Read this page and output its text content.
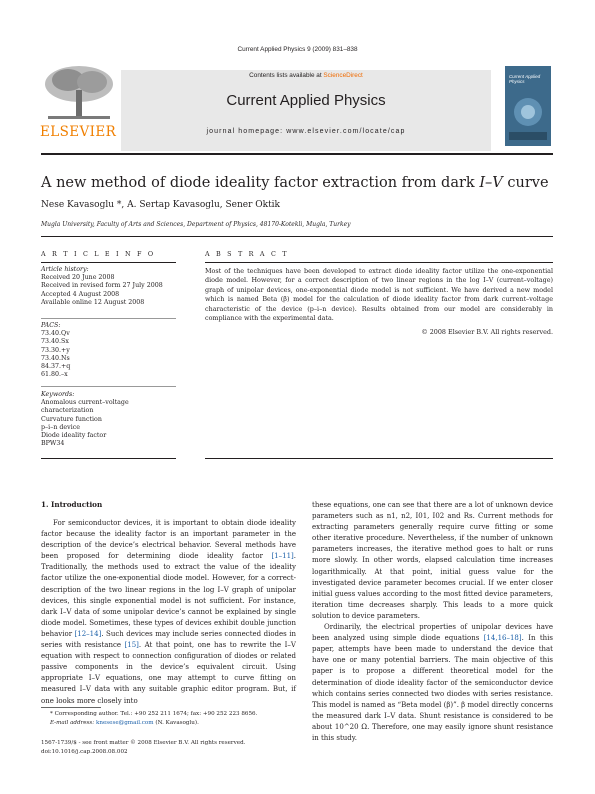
Current Applied Physics 9 (2009) 831–838
ELSEVIER
Contents lists available at ScienceDirect
Current Applied Physics
journal homepage: www.elsevier.com/locate/cap
Current Applied Physics
A new method of diode ideality factor extraction from dark I–V curve
Nese Kavasoglu *, A. Sertap Kavasoglu, Sener Oktik
Mugla University, Faculty of Arts and Sciences, Department of Physics, 48170-Kotekli, Mugla, Turkey
A R T I C L E I N F O
Article history:
Received 20 June 2008
Received in revised form 27 July 2008
Accepted 4 August 2008
Available online 12 August 2008
PACS:
73.40.Qv
73.40.Sx
73.30.+y
73.40.Ns
84.37.+q
61.80.–x
Keywords:
Anomalous current–voltage
characterization
Curvature function
p–i–n device
Diode ideality factor
BPW34
A B S T R A C T
Most of the techniques have been developed to extract diode ideality factor utilize the one-exponential diode model. However, for a correct description of two linear regions in the log I–V (current–voltage) graph of unipolar devices, one-exponential diode model is not sufficient. We have derived a new model which is named Beta (β) model for the calculation of diode ideality factor from dark current–voltage characteristic of the device (p–i–n device). Results obtained from our model are considerably in compliance with the experimental data.
© 2008 Elsevier B.V. All rights reserved.
1. Introduction

For semiconductor devices, it is important to obtain diode ideality factor because the ideality factor is an important parameter in the description of the device’s electrical behavior. Several methods have been proposed for determining diode ideality factor [1–11]. Traditionally, the methods used to extract the value of the ideality factor utilize the one-exponential diode model. However, for a correct-description of the two linear regions in the log I–V graph of unipolar devices, this single exponential model is not sufficient. For instance, dark I–V data of some unipolar device’s cannot be explained by single diode model. Sometimes, these types of devices exhibit double junction behavior [12–14]. Such devices may include series connected diodes in series with resistance [15]. At that point, one has to rewrite the I–V equation with respect to connection configuration of diodes or related passive components in the device’s equivalent circuit. Using appropriate I–V equations, one may attempt to curve fitting on measured I–V data with any suitable graphic editor program. But, if one looks more closely into

these equations, one can see that there are a lot of unknown device parameters such as n1, n2, I01, I02 and Rs. Current methods for extracting parameters generally require curve fitting or some other iterative procedure. Nevertheless, if the number of unknown parameters increases, the iterative method goes to halt or runs more slowly. In other words, elapsed calculation time increases logarithmically. At that point, initial guess value for the investigated device parameter becomes crucial. If we enter closer initial guess values according to the most fitted device parameters, iteration time decreases sharply. This leads to a more quick solution to device parameters.

Ordinarily, the electrical properties of unipolar devices have been analyzed using simple diode equations [14,16–18]. In this paper, attempts have been made to understand the device that have one or many potential barriers. The main objective of this paper is to propose a different theoretical model for the determination of diode ideality factor of the semiconductor device which contains series connected two diodes with series resistance. This model is named as “Beta model (β)”. β model directly concerns the measured dark I–V data. Shunt resistance is considered to be about 10^20 Ω. Therefore, one may easily ignore shunt resistance in this study.

* Corresponding author. Tel.: +90 252 211 1674; fax: +90 252 223 8656.
E-mail address: knesese@gmail.com (N. Kavasoglu).
1567-1739/$ - see front matter © 2008 Elsevier B.V. All rights reserved.
doi:10.1016/j.cap.2008.08.002
